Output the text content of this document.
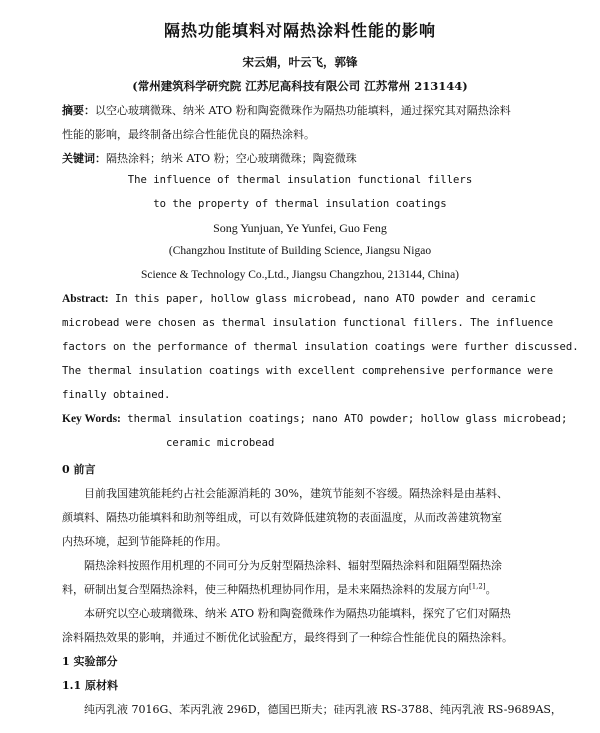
隔热功能填料对隔热涂料性能的影响
宋云娟，叶云飞，郭锋
(常州建筑科学研究院 江苏尼高科技有限公司 江苏常州 213144)
摘要：以空心玻璃微珠、纳米 ATO 粉和陶瓷微珠作为隔热功能填料，通过探究其对隔热涂料
性能的影响，最终制备出综合性能优良的隔热涂料。
关键词：隔热涂料；纳米 ATO 粉；空心玻璃微珠；陶瓷微珠
The influence of thermal insulation functional fillers
to the property of thermal insulation coatings
Song Yunjuan, Ye Yunfei, Guo Feng
(Changzhou Institute of Building Science, Jiangsu Nigao
Science & Technology Co.,Ltd., Jiangsu Changzhou, 213144, China)
Abstract: In this paper, hollow glass microbead, nano ATO powder and ceramic
microbead were chosen as thermal insulation functional fillers. The influence
factors on the performance of thermal insulation coatings were further discussed.
The thermal insulation coatings with excellent comprehensive performance were
finally obtained.
Key Words: thermal insulation coatings; nano ATO powder; hollow glass microbead;
ceramic microbead
0 前言
目前我国建筑能耗约占社会能源消耗的 30%，建筑节能刻不容缓。隔热涂料是由基料、
颜填料、隔热功能填料和助剂等组成，可以有效降低建筑物的表面温度，从而改善建筑物室
内热环境，起到节能降耗的作用。
隔热涂料按照作用机理的不同可分为反射型隔热涂料、辐射型隔热涂料和阻隔型隔热涂
料，研制出复合型隔热涂料，使三种隔热机理协同作用，是未来隔热涂料的发展方向[1,2]。
本研究以空心玻璃微珠、纳米 ATO 粉和陶瓷微珠作为隔热功能填料，探究了它们对隔热
涂料隔热效果的影响，并通过不断优化试验配方，最终得到了一种综合性能优良的隔热涂料。
1 实验部分
1.1 原材料
纯丙乳液 7016G、苯丙乳液 296D，德国巴斯夫；硅丙乳液 RS-3788、纯丙乳液 RS-9689AS，
